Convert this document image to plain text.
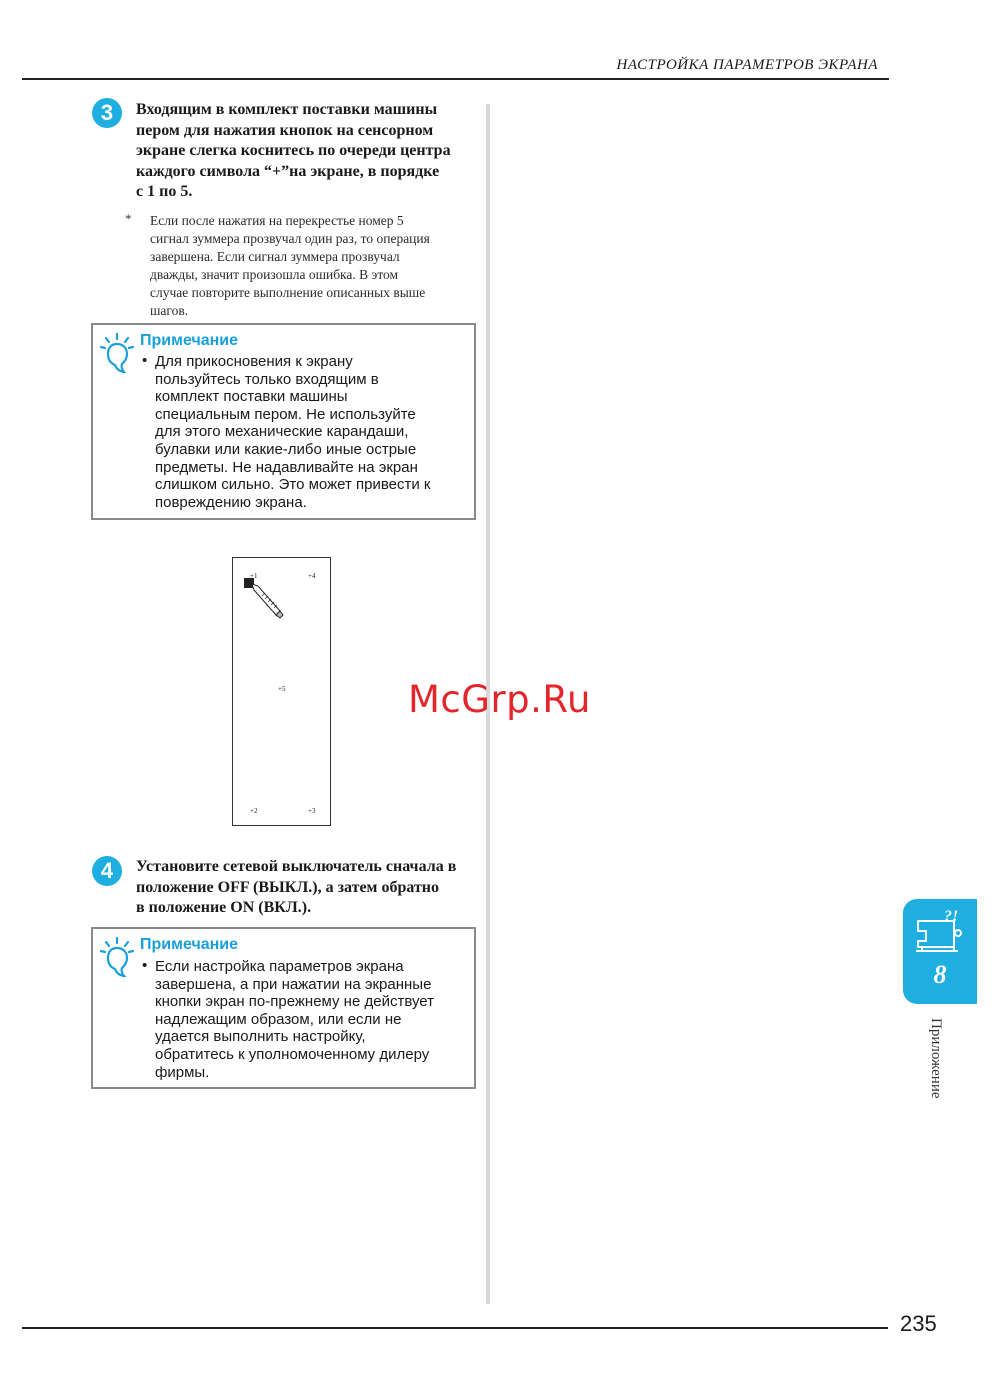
НАСТРОЙКА ПАРАМЕТРОВ ЭКРАНА
3	Входящим в комплект поставки машины
пером для нажатия кнопок на сенсорном
экране слегка коснитесь по очереди центра
каждого символа “+”на экране, в порядке
с 1 по 5.
* Если после нажатия на перекрестье номер 5
сигнал зуммера прозвучал один раз, то операция
завершена. Если сигнал зуммера прозвучал
дважды, значит произошла ошибка. В этом
случае повторите выполнение описанных выше
шагов.
Примечание
• Для прикосновения к экрану
пользуйтесь только входящим в
комплект поставки машины
специальным пером. Не используйте
для этого механические карандаши,
булавки или какие-либо иные острые
предметы. Не надавливайте на экран
слишком сильно. Это может привести к
повреждению экрана.
+1	+4
+5
+2	+3
McGrp.Ru
4	Установите сетевой выключатель сначала в
положение OFF (ВЫКЛ.), а затем обратно
в положение ON (ВКЛ.).
Примечание
• Если настройка параметров экрана
завершена, а при нажатии на экранные
кнопки экран по-прежнему не действует
надлежащим образом, или если не
удается выполнить настройку,
обратитесь к уполномоченному дилеру
фирмы.
?!
8
Приложение
235
